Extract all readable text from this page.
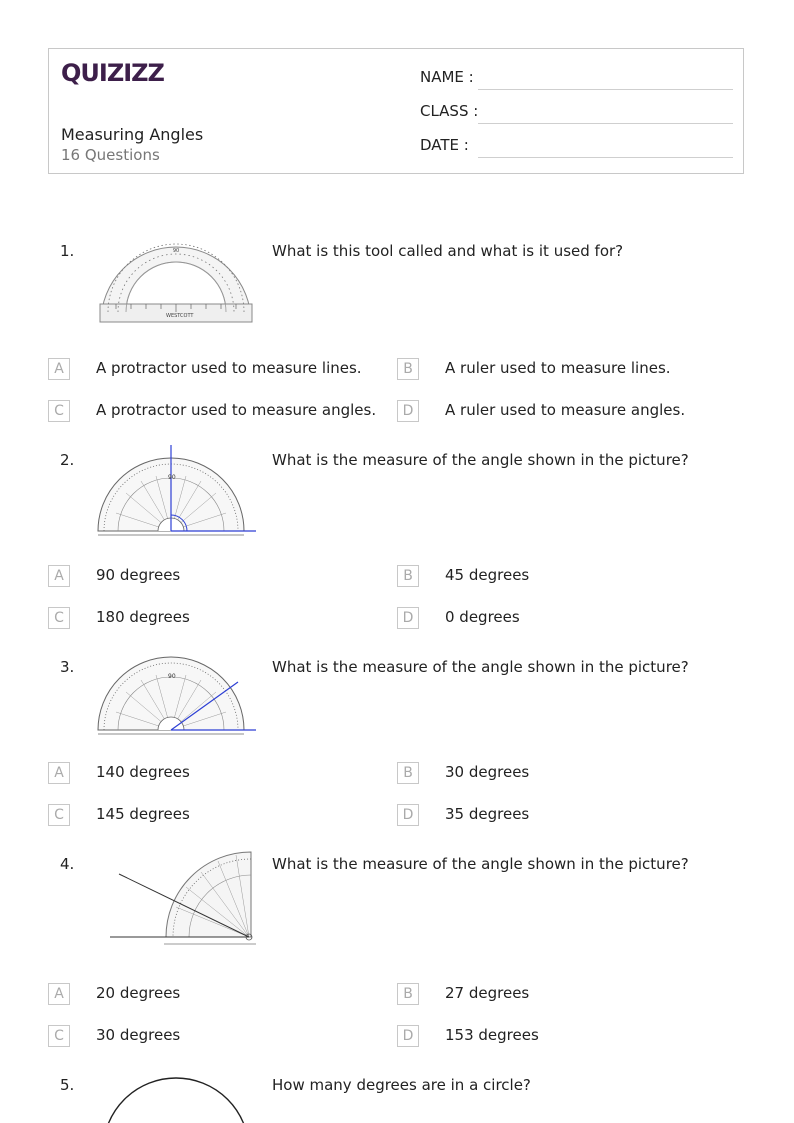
QUIZIZZ
Measuring Angles
16 Questions
NAME :
CLASS :
DATE :
1.	90
WESTCOTT
What is this tool called and what is it used for?
A	A protractor used to measure lines.	B	A ruler used to measure lines.
C	A protractor used to measure angles.	D	A ruler used to measure angles.
2.
90
What is the measure of the angle shown in the picture?
A	90 degrees	B	45 degrees
C	180 degrees	D	0 degrees
3.
90
What is the measure of the angle shown in the picture?
A	140 degrees	B	30 degrees
C	145 degrees	D	35 degrees
4.	What is the measure of the angle shown in the picture?
A	20 degrees	B	27 degrees
C	30 degrees	D	153 degrees
5.	How many degrees are in a circle?
